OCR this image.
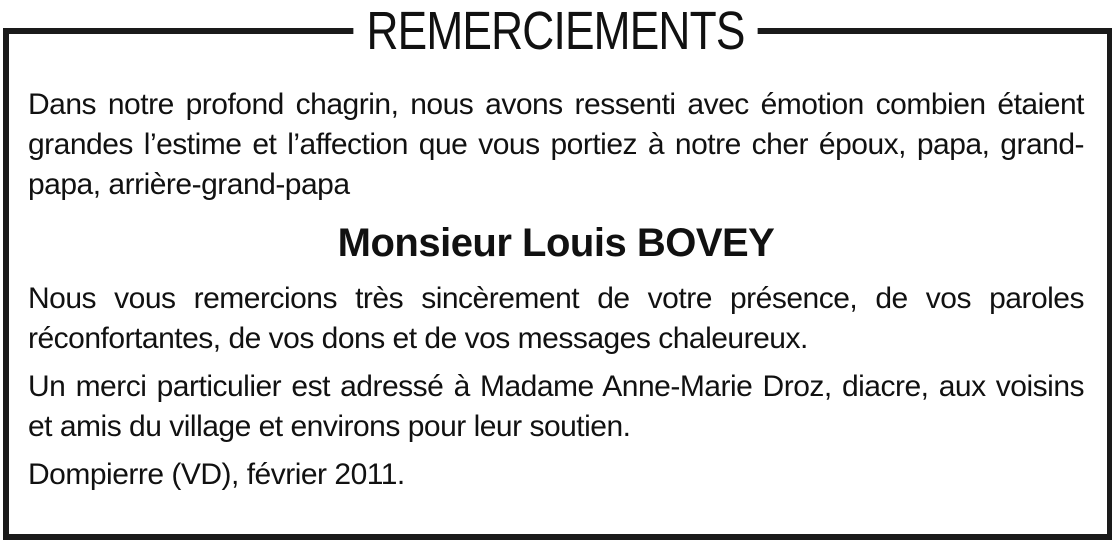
REMERCIEMENTS

Dans notre profond chagrin, nous avons ressenti avec émotion combien étaient grandes l’estime et l’affection que vous portiez à notre cher époux, papa, grand-papa, arrière-grand-papa

Monsieur Louis BOVEY

Nous vous remercions très sincèrement de votre présence, de vos paroles réconfortantes, de vos dons et de vos messages chaleureux.

Un merci particulier est adressé à Madame Anne-Marie Droz, diacre, aux voisins et amis du village et environs pour leur soutien.

Dompierre (VD), février 2011.
